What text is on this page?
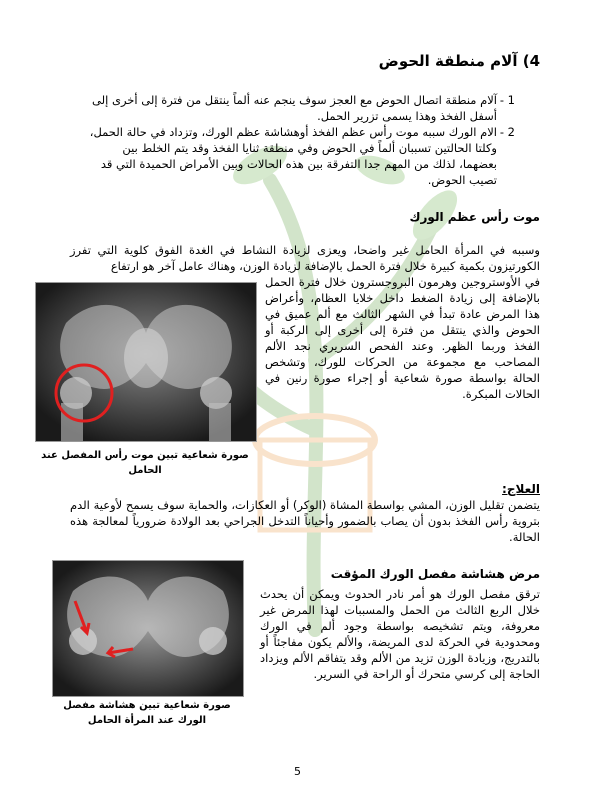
4) آلام منطقة الحوض
1 -
آلام منطقة اتصال الحوض مع العجز سوف ينجم عنه ألماً ينتقل من فترة إلى أخرى إلى أسفل الفخذ وهذا يسمى تزرير الحمل.
2 -
الام الورك سببه موت رأس عظم الفخذ أوهشاشة عظم الورك، وتزداد في حالة الحمل، وكلتا الحالتين تسببان ألماً في الحوض وفي منطقة ثنايا الفخذ وقد يتم الخلط بين بعضهما، لذلك من المهم جدا التفرقة بين هذه الحالات وبين الأمراض الحميدة التي قد تصيب الحوض.
موت رأس عظم الورك
وسببه في المرأة الحامل غير واضحا، ويعزى لزيادة النشاط في الغدة الفوق كلوية التي تفرز الكورتيزون بكمية كبيرة خلال فترة الحمل بالإضافة لزيادة الوزن، وهناك عامل آخر هو ارتفاع
صورة شعاعية تبين موت رأس المفصل عند الحامل
في الأوستروجين وهرمون البروجسترون خلال فترة الحمل بالإضافة إلى زيادة الضغط داخل خلايا العظام، وأعراض هذا المرض عادة تبدأ في الشهر الثالث مع ألم عميق في الحوض والذي ينتقل من فترة إلى أخرى إلى الركبة أو الفخذ وربما الظهر. وعند الفحص السريري نجد الألم المصاحب مع مجموعة من الحركات للورك، وتشخص الحالة بواسطة صورة شعاعية أو إجراء صورة رنين في الحالات المبكرة.
العلاج:
يتضمن تقليل الوزن، المشي بواسطة المشاة (الوكر) أو العكازات، والحماية سوف يسمح لأوعية الدم بتروية رأس الفخذ بدون أن يصاب بالضمور وأحياناً التدخل الجراحي بعد الولادة ضرورياً لمعالجة هذه الحالة.
صورة شعاعية تبين هشاشة مفصل الورك عند المرأة الحامل
مرض هشاشة مفصل الورك المؤقت
ترقق مفصل الورك هو أمر نادر الحدوث ويمكن أن يحدث خلال الربع الثالث من الحمل والمسببات لهذا المرض غير معروفة، ويتم تشخيصه بواسطة وجود ألم في الورك ومحدودية في الحركة لدى المريضة، والألم يكون مفاجئاً أو بالتدريج، وزيادة الوزن تزيد من الألم وقد يتفاقم الألم ويزداد الحاجة إلى كرسي متحرك أو الراحة في السرير.
5
